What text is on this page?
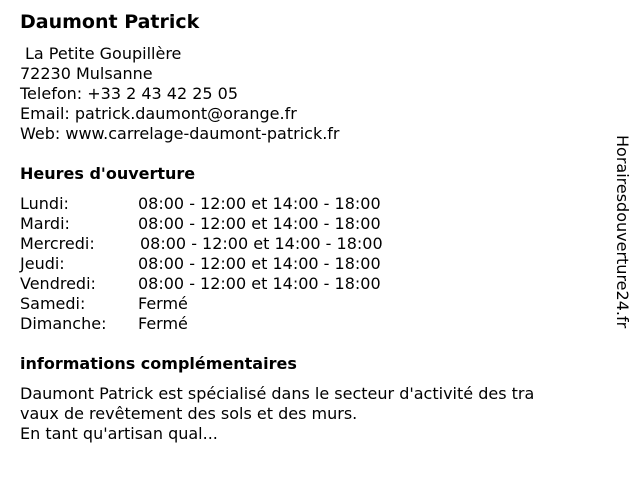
Daumont Patrick
La Petite Goupillère
72230 Mulsanne
Telefon: +33 2 43 42 25 05
Email: patrick.daumont@orange.fr
Web: www.carrelage-daumont-patrick.fr
Heures d'ouverture
Lundi:	08:00 - 12:00 et 14:00 - 18:00
Mardi:	08:00 - 12:00 et 14:00 - 18:00
Mercredi:	08:00 - 12:00 et 14:00 - 18:00
Jeudi:	08:00 - 12:00 et 14:00 - 18:00
Vendredi:	08:00 - 12:00 et 14:00 - 18:00
Samedi:	Fermé
Dimanche: Fermé
informations complémentaires
Daumont Patrick est spécialisé dans le secteur d'activité des tra
vaux de revêtement des sols et des murs.
En tant qu'artisan qual...
Horairesdouverture24.fr
